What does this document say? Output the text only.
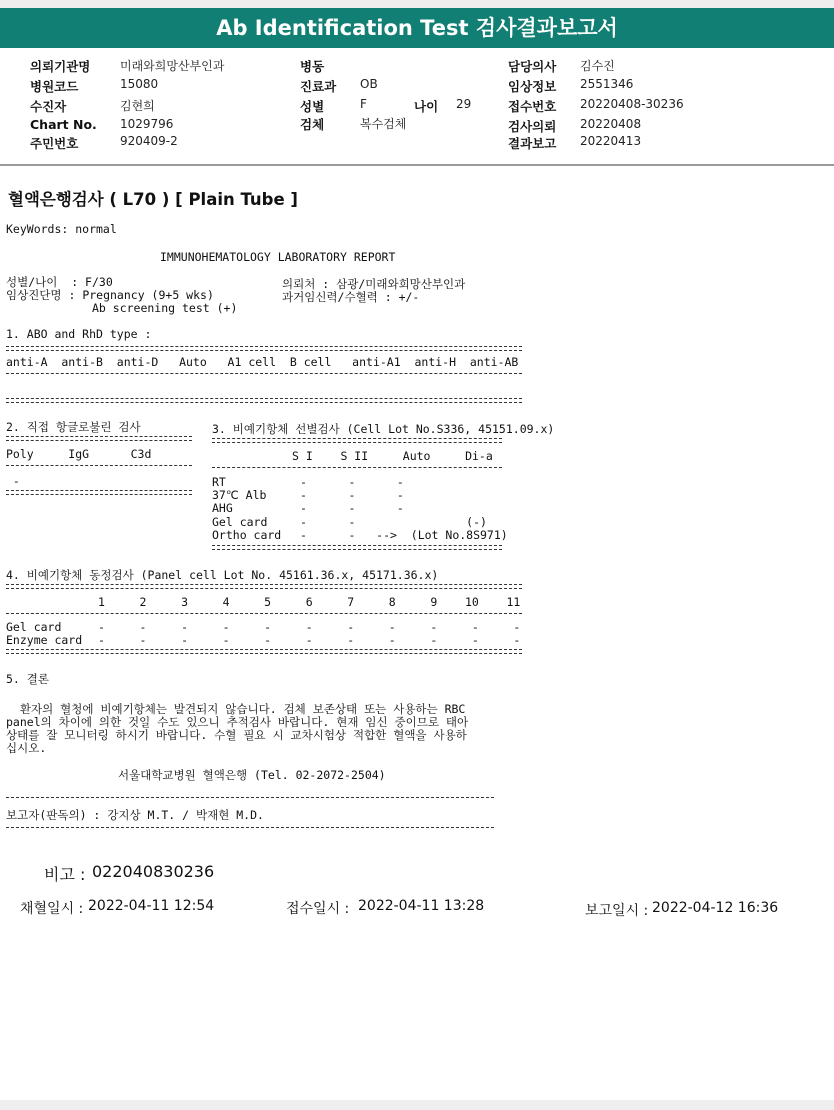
Ab Identification Test 검사결과보고서
의뢰기관명 미래와희망산부인과
병원코드	15080
수진자	김현희
Chart No. 1029796
주민번호	920409-2
병동
진료과 OB
성별	F	나이 29
검체	복수검체
담당의사 김수진
임상정보 2551346
접수번호 20220408-30236
검사의뢰 20220408
결과보고 20220413
혈액은행검사 ( L70 ) [ Plain Tube ]
KeyWords: normal
IMMUNOHEMATOLOGY LABORATORY REPORT
성별/나이  : F/30
임상진단명 : Pregnancy (9+5 wks)
Ab screening test (+)
의뢰처 : 삼광/미래와희망산부인과
과거임신력/수혈력 : +/-
1. ABO and RhD type :
anti-A  anti-B  anti-D   Auto   A1 cell  B cell   anti-A1  anti-H  anti-AB
2. 직접 항글로불린 검사
Poly     IgG      C3d
-
3. 비예기항체 선별검사 (Cell Lot No.S336, 45151.09.x)
S I    S II     Auto     Di-a
RT	-      -      -
37℃ Alb	-      -      -
AHG	-      -      -
Gel card	-      -                (-)
Ortho card -      -   -->  (Lot No.8S971)
4. 비예기항체 동정검사 (Panel cell Lot No. 45161.36.x, 45171.36.x)
1     2     3     4     5     6     7     8     9    10    11
Gel card	-     -     -     -     -     -     -     -     -     -     -
Enzyme card -     -     -     -     -     -     -     -     -     -     -
5. 결론
환자의 혈청에 비예기항체는 발견되지 않습니다. 검체 보존상태 또는 사용하는 RBC
panel의 차이에 의한 것일 수도 있으니 추적검사 바랍니다. 현재 임신 중이므로 태아
상태를 잘 모니터링 하시기 바랍니다. 수혈 필요 시 교차시험상 적합한 혈액을 사용하
십시오.
서울대학교병원 혈액은행 (Tel. 02-2072-2504)
보고자(판독의) : 강지상 M.T. / 박재현 M.D.
비고 : 022040830236
채혈일시 : 2022-04-11 12:54	접수일시 : 2022-04-11 13:28	보고일시 : 2022-04-12 16:36
